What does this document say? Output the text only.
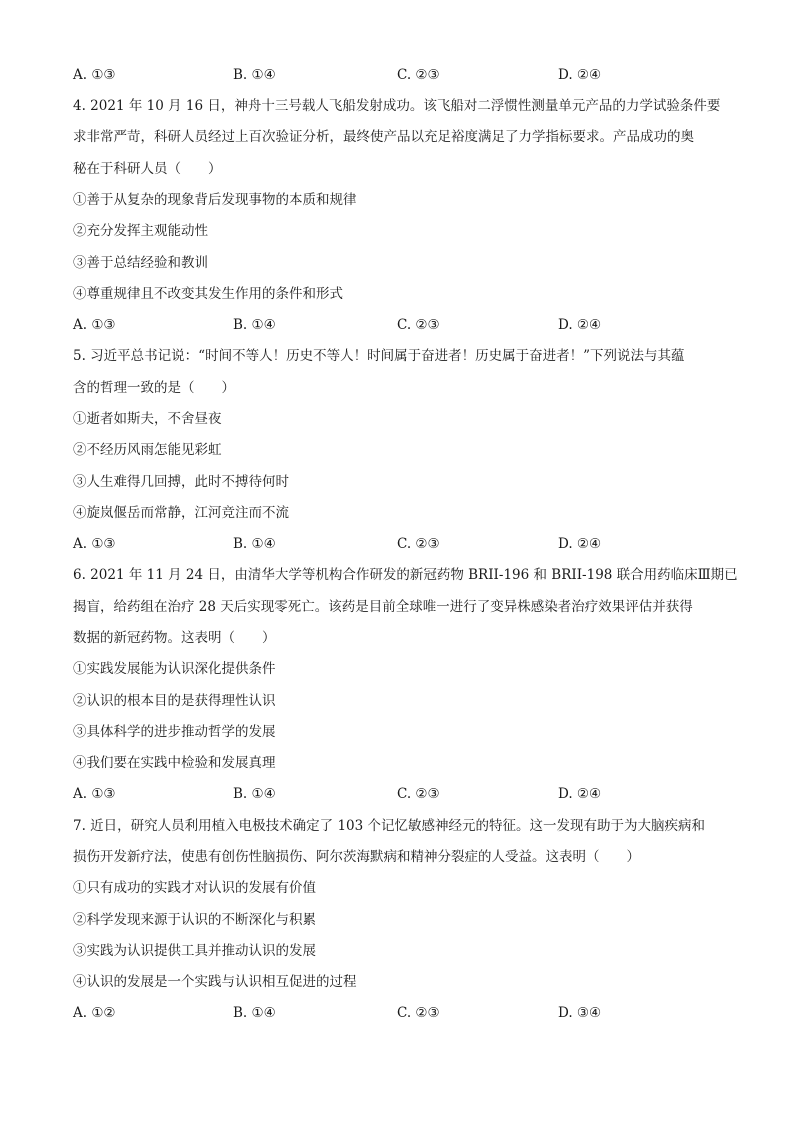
A. ①③	B. ①④	C. ②③	D. ②④
4. 2021 年 10 月 16 日，神舟十三号载人飞船发射成功。该飞船对二浮惯性测量单元产品的力学试验条件要
求非常严苛，科研人员经过上百次验证分析，最终使产品以充足裕度满足了力学指标要求。产品成功的奥
秘在于科研人员（　　）
①善于从复杂的现象背后发现事物的本质和规律
②充分发挥主观能动性
③善于总结经验和教训
④尊重规律且不改变其发生作用的条件和形式
A. ①③	B. ①④	C. ②③	D. ②④
5. 习近平总书记说：“时间不等人！历史不等人！时间属于奋进者！历史属于奋进者！”下列说法与其蕴
含的哲理一致的是（　　）
①逝者如斯夫，不舍昼夜
②不经历风雨怎能见彩虹
③人生难得几回搏，此时不搏待何时
④旋岚偃岳而常静，江河竞注而不流
A. ①③	B. ①④	C. ②③	D. ②④
6. 2021 年 11 月 24 日，由清华大学等机构合作研发的新冠药物 BRII-196 和 BRII-198 联合用药临床Ⅲ期已
揭盲，给药组在治疗 28 天后实现零死亡。该药是目前全球唯一进行了变异株感染者治疗效果评估并获得
数据的新冠药物。这表明（　　）
①实践发展能为认识深化提供条件
②认识的根本目的是获得理性认识
③具体科学的进步推动哲学的发展
④我们要在实践中检验和发展真理
A. ①③	B. ①④	C. ②③	D. ②④
7. 近日，研究人员利用植入电极技术确定了 103 个记忆敏感神经元的特征。这一发现有助于为大脑疾病和
损伤开发新疗法，使患有创伤性脑损伤、阿尔茨海默病和精神分裂症的人受益。这表明（　　）
①只有成功的实践才对认识的发展有价值
②科学发现来源于认识的不断深化与积累
③实践为认识提供工具并推动认识的发展
④认识的发展是一个实践与认识相互促进的过程
A. ①②	B. ①④	C. ②③	D. ③④
